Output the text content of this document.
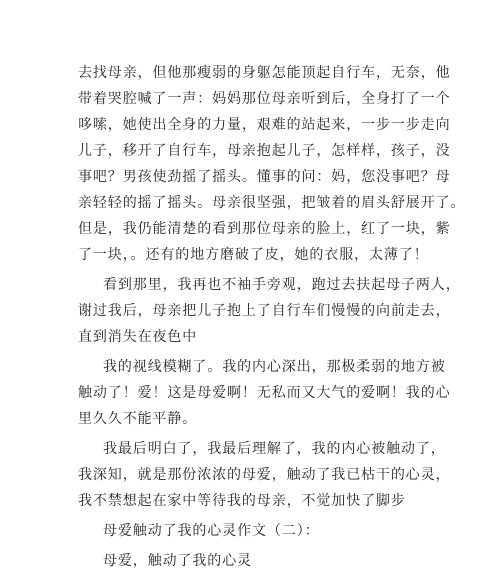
去找母亲，但他那瘦弱的身躯怎能顶起自行车，无奈，他
带着哭腔喊了一声：妈妈那位母亲听到后，全身打了一个
哆嗦，她使出全身的力量，艰难的站起来，一步一步走向
儿子，移开了自行车，母亲抱起儿子，怎样样，孩子，没
事吧？男孩使劲摇了摇头。懂事的问：妈，您没事吧？母
亲轻轻的摇了摇头。母亲很坚强，把皱着的眉头舒展开了。
但是，我仍能清楚的看到那位母亲的脸上，红了一块，紫
了一块，。还有的地方磨破了皮，她的衣服，太薄了！

看到那里，我再也不袖手旁观，跑过去扶起母子两人，
谢过我后，母亲把儿子抱上了自行车们慢慢的向前走去，
直到消失在夜色中

我的视线模糊了。我的内心深出，那极柔弱的地方被
触动了！爱！这是母爱啊！无私而又大气的爱啊！我的心
里久久不能平静。

我最后明白了，我最后理解了，我的内心被触动了，
我深知，就是那份浓浓的母爱，触动了我已枯干的心灵，
我不禁想起在家中等待我的母亲，不觉加快了脚步

母爱触动了我的心灵作文（二）：

母爱，触动了我的心灵
